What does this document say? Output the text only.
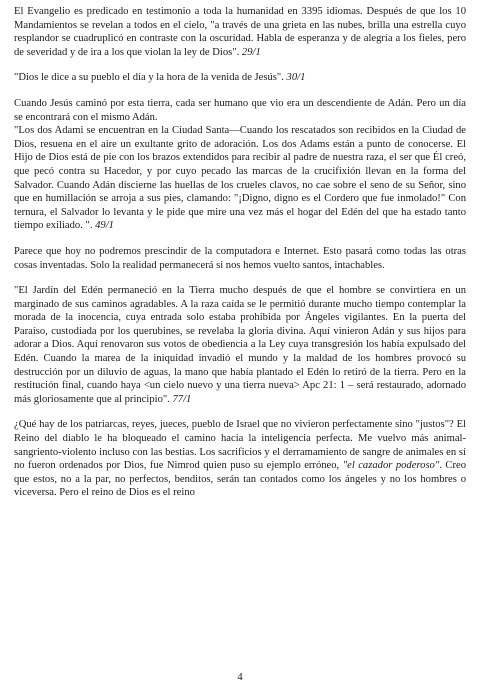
El Evangelio es predicado en testimonio a toda la humanidad en 3395 idiomas. Después de que los 10 Mandamientos se revelan a todos en el cielo, "a través de una grieta en las nubes, brilla una estrella cuyo resplandor se cuadruplicó en contraste con la oscuridad. Habla de esperanza y de alegría a los fieles, pero de severidad y de ira a los que violan la ley de Dios". 29/1

"Dios le dice a su pueblo el día y la hora de la venida de Jesús". 30/1

Cuando Jesús caminó por esta tierra, cada ser humano que vio era un descendiente de Adán. Pero un día se encontrará con el mismo Adán.

"Los dos Adami se encuentran en la Ciudad Santa—Cuando los rescatados son recibidos en la Ciudad de Dios, resuena en el aire un exultante grito de adoración. Los dos Adams están a punto de conocerse. El Hijo de Dios está de pie con los brazos extendidos para recibir al padre de nuestra raza, el ser que Él creó, que pecó contra su Hacedor, y por cuyo pecado las marcas de la crucifixión llevan en la forma del Salvador. Cuando Adán discierne las huellas de los crueles clavos, no cae sobre el seno de su Señor, sino que en humillación se arroja a sus pies, clamando: "¡Digno, digno es el Cordero que fue inmolado!" Con ternura, el Salvador lo levanta y le pide que mire una vez más el hogar del Edén del que ha estado tanto tiempo exiliado. ". 49/1

Parece que hoy no podremos prescindir de la computadora e Internet. Esto pasará como todas las otras cosas inventadas. Solo la realidad permanecerá si nos hemos vuelto santos, intachables.

"El Jardín del Edén permaneció en la Tierra mucho después de que el hombre se convirtiera en un marginado de sus caminos agradables. A la raza caída se le permitió durante mucho tiempo contemplar la morada de la inocencia, cuya entrada solo estaba prohibida por Ángeles vigilantes. En la puerta del Paraíso, custodiada por los querubines, se revelaba la gloria divina. Aquí vinieron Adán y sus hijos para adorar a Dios. Aquí renovaron sus votos de obediencia a la Ley cuya transgresión los había expulsado del Edén. Cuando la marea de la iniquidad invadió el mundo y la maldad de los hombres provocó su destrucción por un diluvio de aguas, la mano que había plantado el Edén lo retiró de la tierra. Pero en la restitución final, cuando haya <un cielo nuevo y una tierra nueva> Apc 21: 1 – será restaurado, adornado más gloriosamente que al principio". 77/1

¿Qué hay de los patriarcas, reyes, jueces, pueblo de Israel que no vivieron perfectamente sino "justos"? El Reino del diablo le ha bloqueado el camino hacia la inteligencia perfecta. Me vuelvo más animal-sangriento-violento incluso con las bestias. Los sacrificios y el derramamiento de sangre de animales en sí no fueron ordenados por Dios, fue Nimrod quien puso su ejemplo erróneo, "el cazador poderoso". Creo que estos, no a la par, no perfectos, benditos, serán tan contados como los ángeles y no los hombres o viceversa. Pero el reino de Dios es el reino

4
